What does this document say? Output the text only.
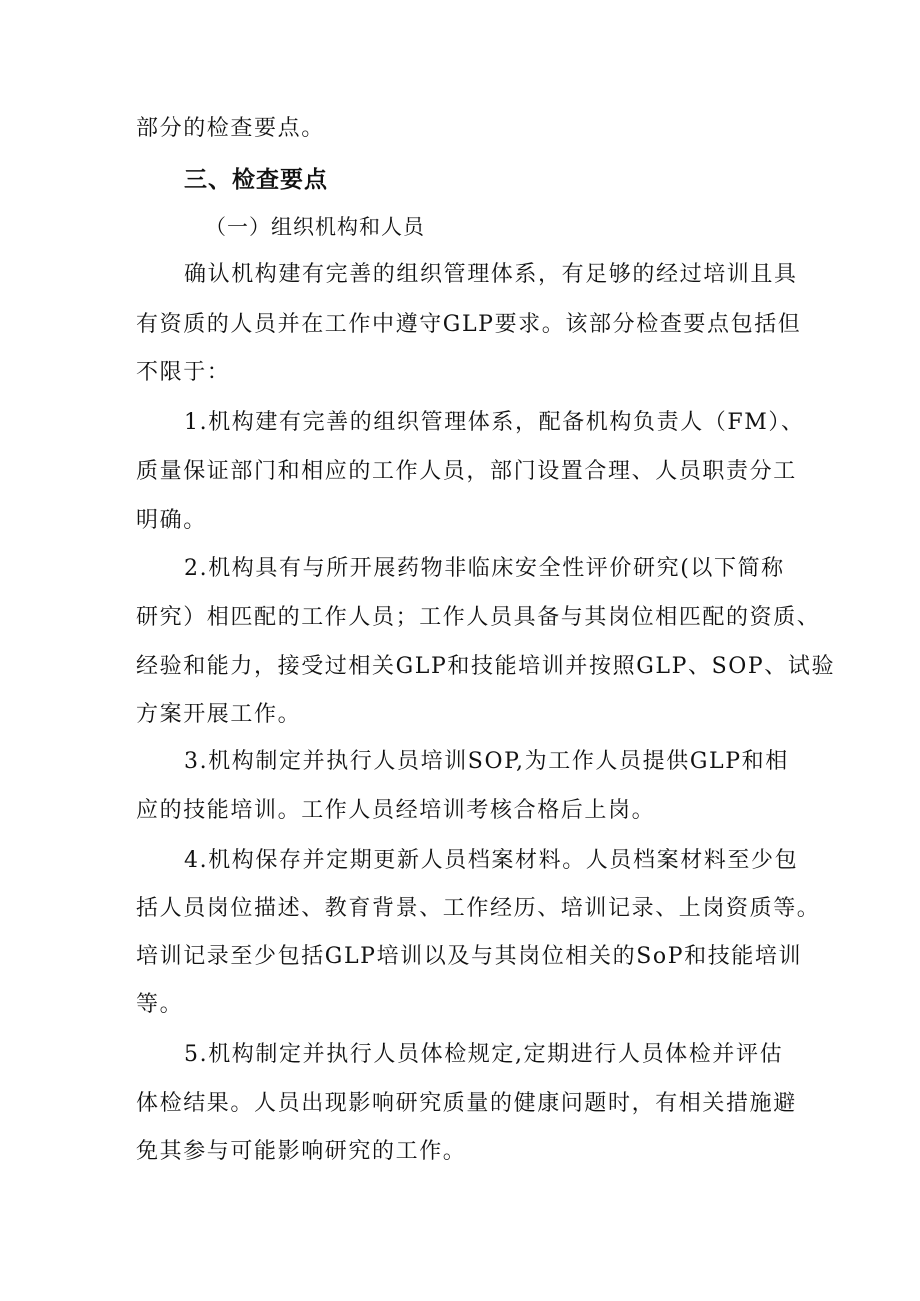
部分的检查要点。
三、检查要点
（一）组织机构和人员
确认机构建有完善的组织管理体系，有足够的经过培训且具
有资质的人员并在工作中遵守GLP要求。该部分检查要点包括但
不限于：
1.机构建有完善的组织管理体系，配备机构负责人（FM）、
质量保证部门和相应的工作人员，部门设置合理、人员职责分工
明确。
2.机构具有与所开展药物非临床安全性评价研究(以下简称
研究）相匹配的工作人员；工作人员具备与其岗位相匹配的资质、
经验和能力，接受过相关GLP和技能培训并按照GLP、SOP、试验
方案开展工作。
3.机构制定并执行人员培训SOP,为工作人员提供GLP和相
应的技能培训。工作人员经培训考核合格后上岗。
4.机构保存并定期更新人员档案材料。人员档案材料至少包
括人员岗位描述、教育背景、工作经历、培训记录、上岗资质等。
培训记录至少包括GLP培训以及与其岗位相关的SoP和技能培训
等。
5.机构制定并执行人员体检规定,定期进行人员体检并评估
体检结果。人员出现影响研究质量的健康问题时，有相关措施避
免其参与可能影响研究的工作。
